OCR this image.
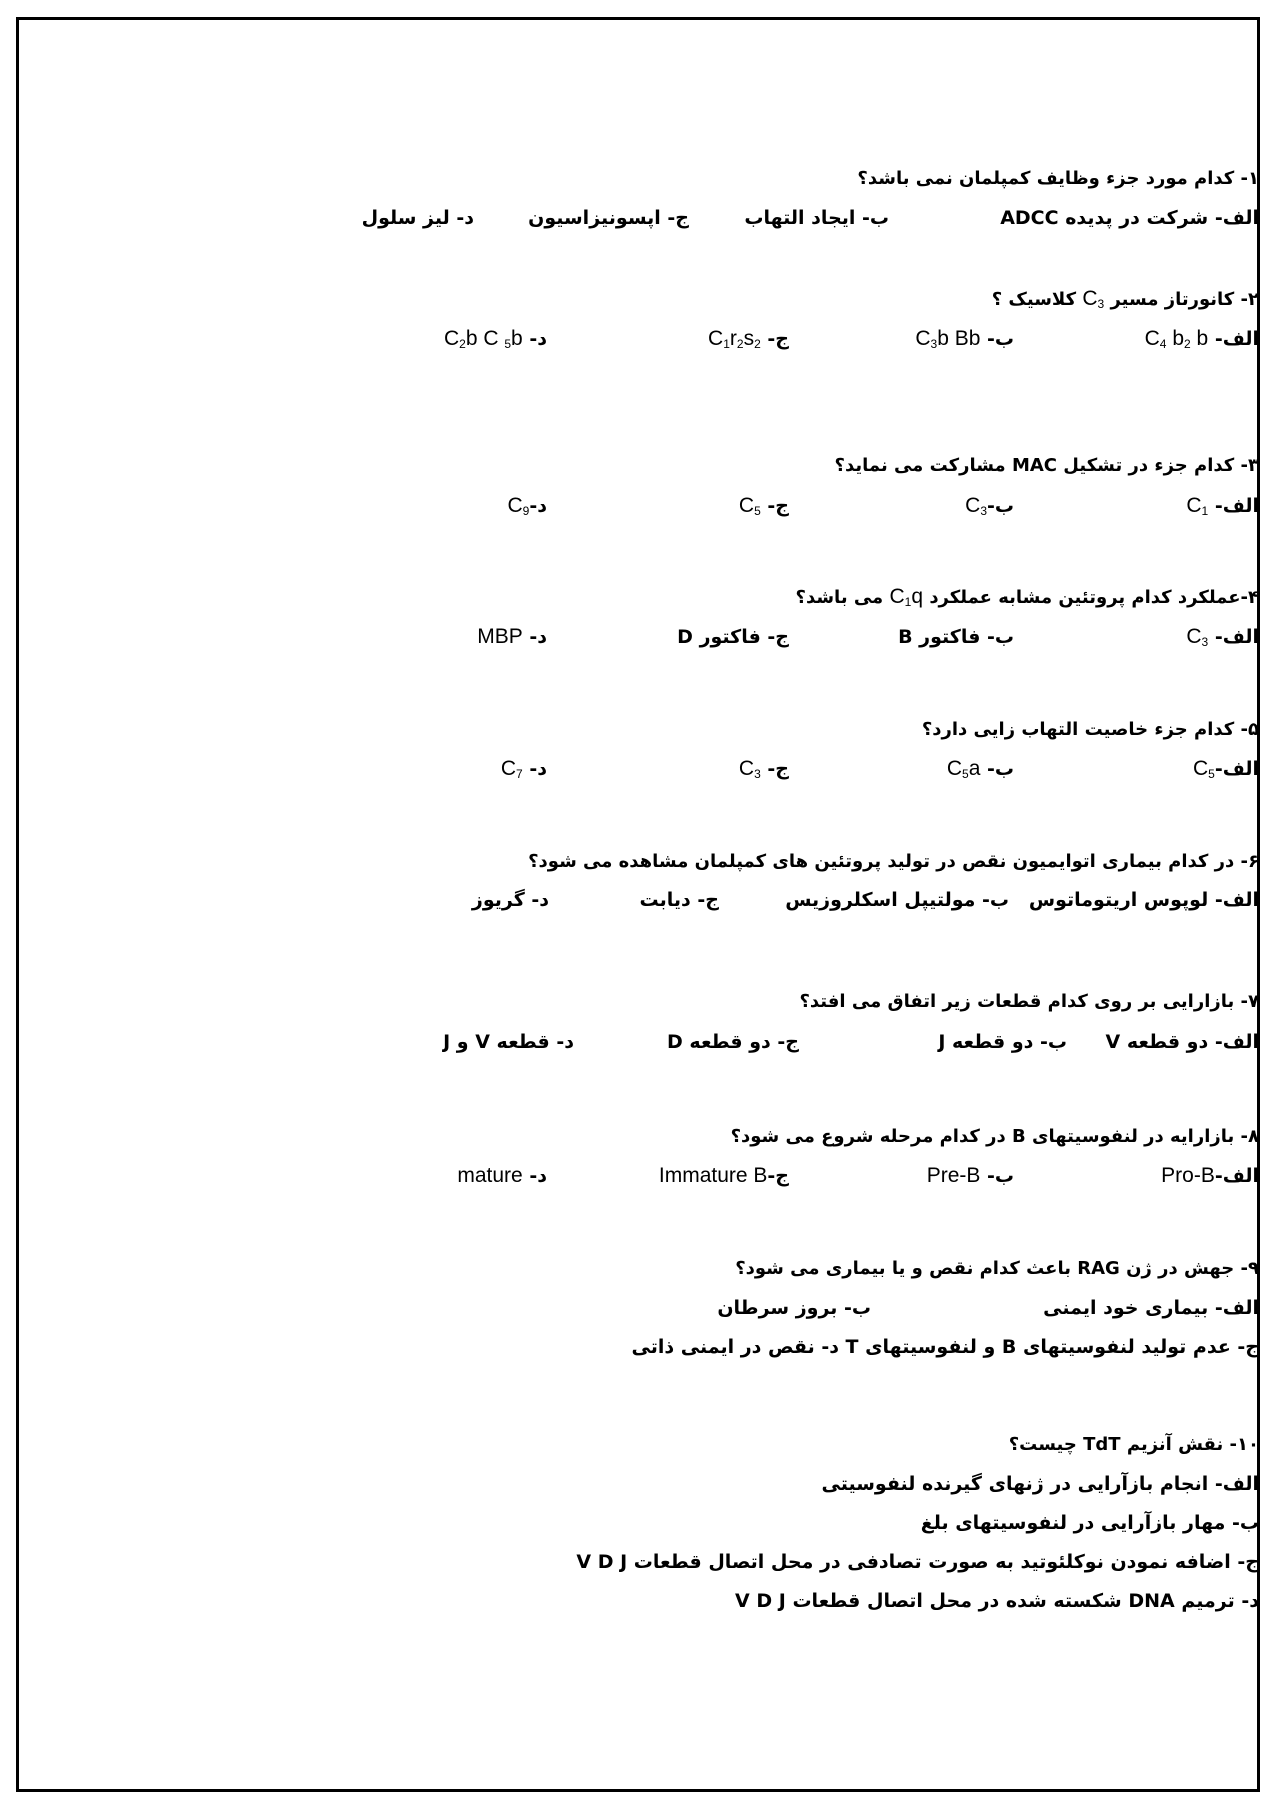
۱- کدام مورد جزء وظایف کمپلمان نمی باشد؟
الف- شرکت در پدیده ADCC
ب- ایجاد التهاب
ج- اپسونیزاسیون
د- لیز سلول
۲- کانورتاز مسیر $C_3$ کلاسیک ؟
الف- $C_4$ $b_2$ b
ب- $C_3b$ Bb
ج- $C_1r_2s_2$
د- $C_2b$ C $_5$b
۳- کدام جزء در تشکیل MAC مشارکت می نماید؟
الف- $C_1$
$ب-C_3$
ج- $C_5$
$د-C_9$
۴-عملکرد کدام پروتئین مشابه عملکرد $C_1q$ می باشد؟
الف- $C_3$
ب- فاکتور B
ج- فاکتور D
د- MBP
۵- کدام جزء خاصیت التهاب زایی دارد؟
الف-$C_5$
ب- $C_5a$
ج- $C_3$
د- $C_7$
۶- در کدام بیماری اتوایمیون نقص در تولید پروتئین های کمپلمان مشاهده می شود؟
الف- لوپوس اریتوماتوس
ب- مولتیپل اسکلروزیس
ج- دیابت
د- گریوز
۷- بازارایی بر روی کدام قطعات زیر اتفاق می افتد؟
الف- دو قطعه V
ب- دو قطعه J
ج- دو قطعه D
د- قطعه V و J
۸- بازارایه در لنفوسیتهای B در کدام مرحله شروع می شود؟
الف-Pro-B
ب- Pre-B
ج-Immature B
د- mature
۹- جهش در ژن RAG باعث کدام نقص و یا بیماری می شود؟
الف- بیماری خود ایمنی
ب- بروز سرطان
ج- عدم تولید لنفوسیتهای B و لنفوسیتهای T
د- نقص در ایمنی ذاتی
۱۰- نقش آنزیم TdT چیست؟
الف- انجام بازآرایی در ژنهای گیرنده لنفوسیتی
ب- مهار بازآرایی در لنفوسیتهای بلغ
ج- اضافه نمودن نوکلئوتید به صورت تصادفی در محل اتصال قطعات V D J
د- ترمیم DNA شکسته شده در محل اتصال قطعات V D J
